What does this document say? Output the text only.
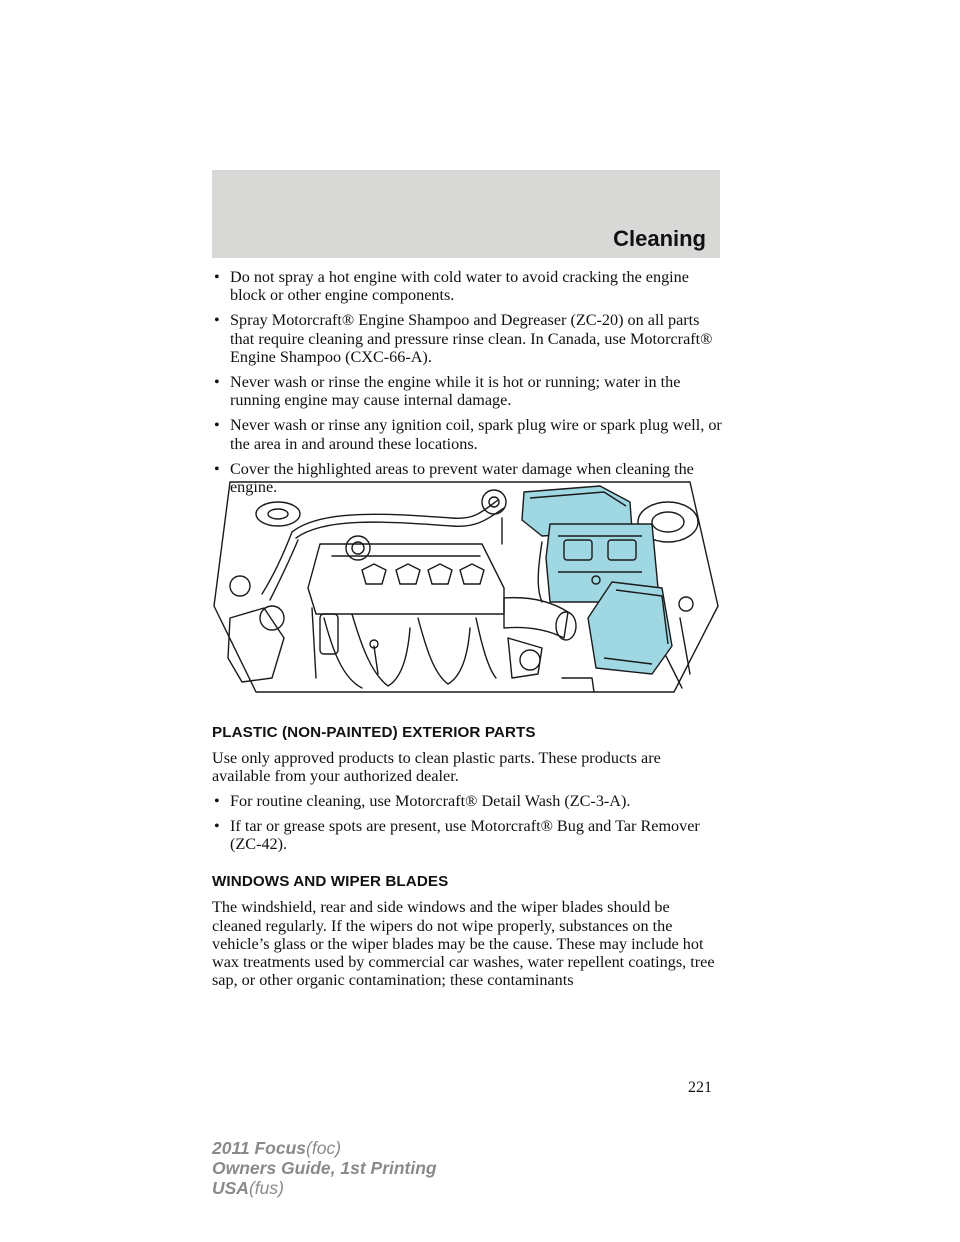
Cleaning
• Do not spray a hot engine with cold water to avoid cracking the engine block or other engine components.
• Spray Motorcraft® Engine Shampoo and Degreaser (ZC-20) on all parts that require cleaning and pressure rinse clean. In Canada, use Motorcraft® Engine Shampoo (CXC-66-A).
• Never wash or rinse the engine while it is hot or running; water in the running engine may cause internal damage.
• Never wash or rinse any ignition coil, spark plug wire or spark plug well, or the area in and around these locations.
• Cover the highlighted areas to prevent water damage when cleaning the engine.
PLASTIC (NON-PAINTED) EXTERIOR PARTS

Use only approved products to clean plastic parts. These products are available from your authorized dealer.

• For routine cleaning, use Motorcraft® Detail Wash (ZC-3-A).
• If tar or grease spots are present, use Motorcraft® Bug and Tar Remover (ZC-42).
WINDOWS AND WIPER BLADES

The windshield, rear and side windows and the wiper blades should be cleaned regularly. If the wipers do not wipe properly, substances on the vehicle’s glass or the wiper blades may be the cause. These may include hot wax treatments used by commercial car washes, water repellent coatings, tree sap, or other organic contamination; these contaminants

221
2011 Focus(foc)
Owners Guide, 1st Printing
USA(fus)
